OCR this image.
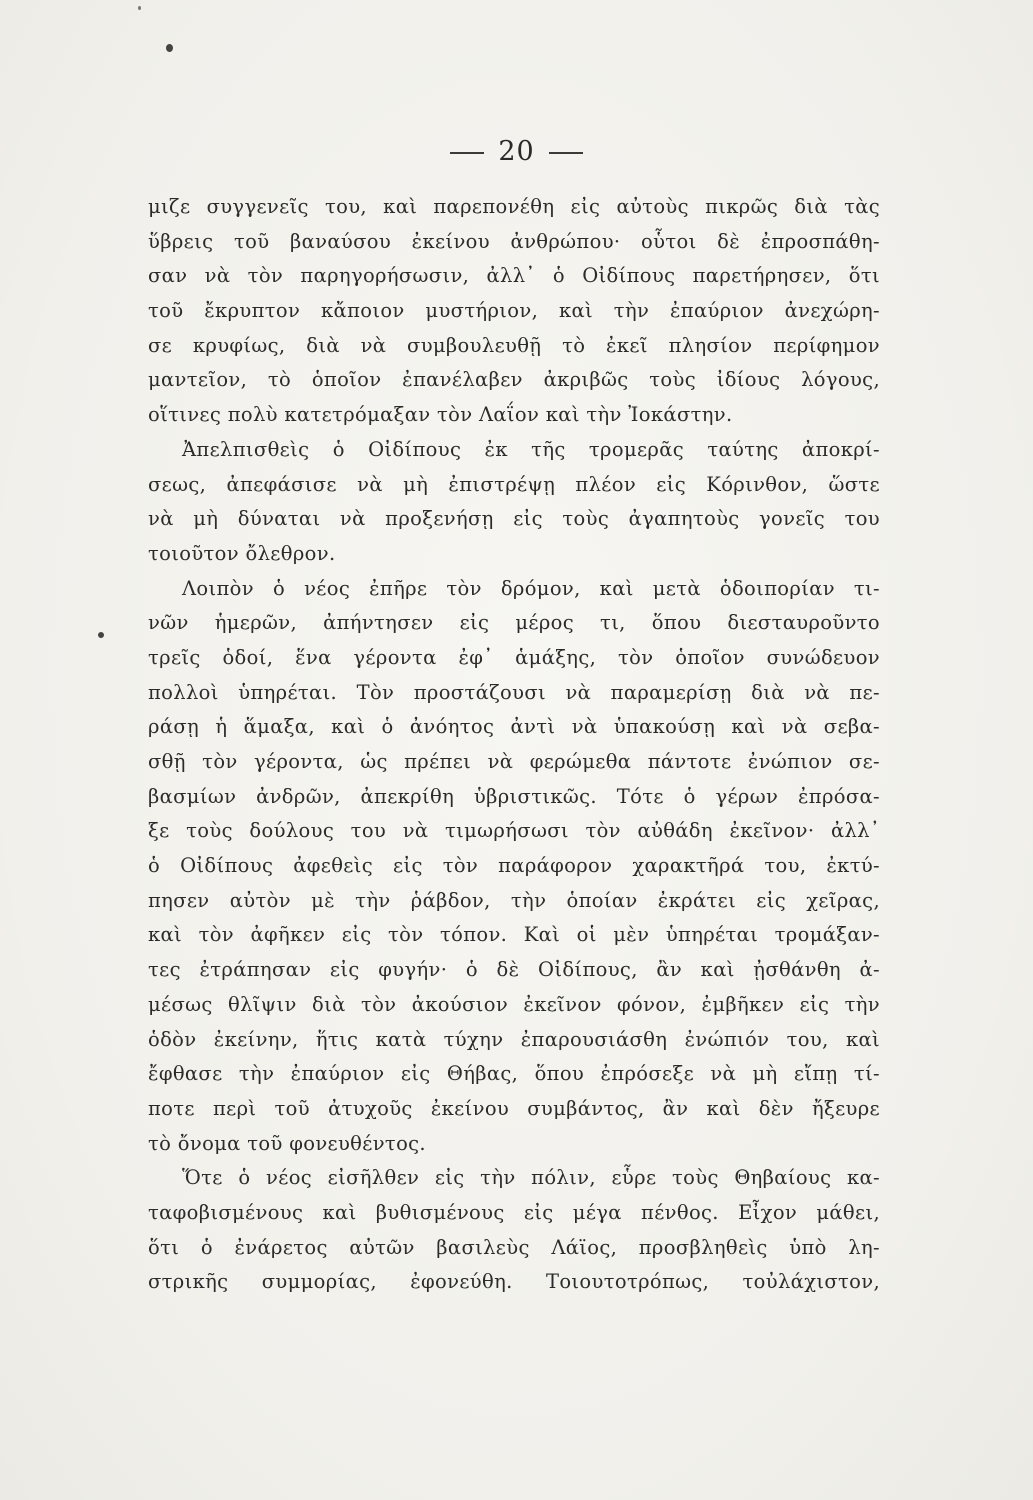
20
μιζε συγγενεῖς του, καὶ παρεπονέθη εἰς αὐτοὺς πικρῶς διὰ τὰς
ὕβρεις τοῦ βαναύσου ἐκείνου ἀνθρώπου· οὗτοι δὲ ἐπροσπάθη-
σαν νὰ τὸν παρηγορήσωσιν, ἀλλ᾽ ὁ Οἰδίπους παρετήρησεν, ὅτι
τοῦ ἔκρυπτον κἄποιον μυστήριον, καὶ τὴν ἐπαύριον ἀνεχώρη-
σε κρυφίως, διὰ νὰ συμβουλευθῇ τὸ ἐκεῖ πλησίον περίφημον
μαντεῖον, τὸ ὁποῖον ἐπανέλαβεν ἀκριβῶς τοὺς ἰδίους λόγους,
οἵτινες πολὺ κατετρόμαξαν τὸν Λαΐον καὶ τὴν Ἰοκάστην.
Ἀπελπισθεὶς ὁ Οἰδίπους ἐκ τῆς τρομερᾶς ταύτης ἀποκρί-
σεως, ἀπεφάσισε νὰ μὴ ἐπιστρέψῃ πλέον εἰς Κόρινθον, ὥστε
νὰ μὴ δύναται νὰ προξενήσῃ εἰς τοὺς ἀγαπητοὺς γονεῖς του
τοιοῦτον ὄλεθρον.
Λοιπὸν ὁ νέος ἐπῆρε τὸν δρόμον, καὶ μετὰ ὁδοιπορίαν τι-
νῶν ἡμερῶν, ἀπήντησεν εἰς μέρος τι, ὅπου διεσταυροῦντο
τρεῖς ὁδοί, ἕνα γέροντα ἐφ᾽ ἁμάξης, τὸν ὁποῖον συνώδευον
πολλοὶ ὑπηρέται. Τὸν προστάζουσι νὰ παραμερίσῃ διὰ νὰ πε-
ράσῃ ἡ ἅμαξα, καὶ ὁ ἀνόητος ἀντὶ νὰ ὑπακούσῃ καὶ νὰ σεβα-
σθῇ τὸν γέροντα, ὡς πρέπει νὰ φερώμεθα πάντοτε ἐνώπιον σε-
βασμίων ἀνδρῶν, ἀπεκρίθη ὑβριστικῶς. Τότε ὁ γέρων ἐπρόσα-
ξε τοὺς δούλους του νὰ τιμωρήσωσι τὸν αὐθάδη ἐκεῖνον· ἀλλ᾽
ὁ Οἰδίπους ἀφεθεὶς εἰς τὸν παράφορον χαρακτῆρά του, ἐκτύ-
πησεν αὐτὸν μὲ τὴν ῥάβδον, τὴν ὁποίαν ἐκράτει εἰς χεῖρας,
καὶ τὸν ἀφῆκεν εἰς τὸν τόπον. Καὶ οἱ μὲν ὑπηρέται τρομάξαν-
τες ἐτράπησαν εἰς φυγήν· ὁ δὲ Οἰδίπους, ἂν καὶ ᾐσθάνθη ἀ-
μέσως θλῖψιν διὰ τὸν ἀκούσιον ἐκεῖνον φόνον, ἐμβῆκεν εἰς τὴν
ὁδὸν ἐκείνην, ἥτις κατὰ τύχην ἐπαρουσιάσθη ἐνώπιόν του, καὶ
ἔφθασε τὴν ἐπαύριον εἰς Θήβας, ὅπου ἐπρόσεξε νὰ μὴ εἴπῃ τί-
ποτε περὶ τοῦ ἀτυχοῦς ἐκείνου συμβάντος, ἂν καὶ δὲν ἤξευρε
τὸ ὄνομα τοῦ φονευθέντος.
Ὅτε ὁ νέος εἰσῆλθεν εἰς τὴν πόλιν, εὗρε τοὺς Θηβαίους κα-
ταφοβισμένους καὶ βυθισμένους εἰς μέγα πένθος. Εἶχον μάθει,
ὅτι ὁ ἐνάρετος αὐτῶν βασιλεὺς Λάϊος, προσβληθεὶς ὑπὸ λη-
στρικῆς συμμορίας, ἐφονεύθη. Τοιουτοτρόπως, τοὐλάχιστον,
